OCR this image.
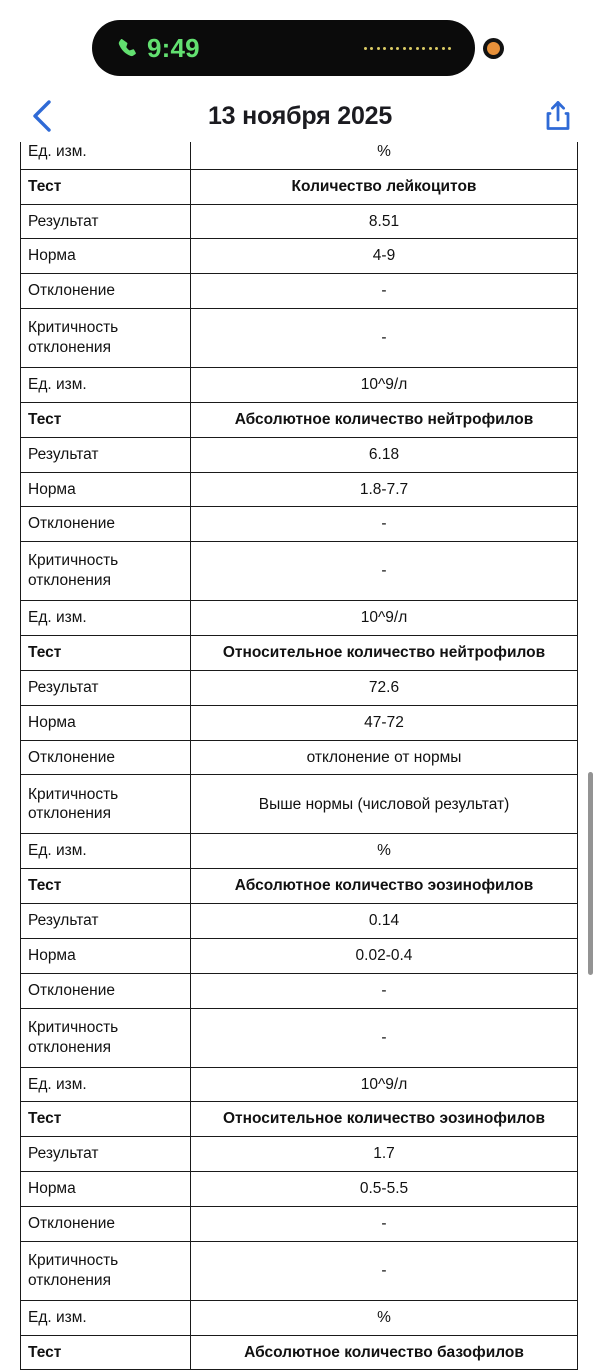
9:49
13 ноября 2025
Ед. изм.	%
Тест	Количество лейкоцитов
Результат	8.51
Норма	4-9
Отклонение	-
Критичность отклонения	-
Ед. изм.	10^9/л
Тест	Абсолютное количество нейтрофилов
Результат	6.18
Норма	1.8-7.7
Отклонение	-
Критичность отклонения	-
Ед. изм.	10^9/л
Тест	Относительное количество нейтрофилов
Результат	72.6
Норма	47-72
Отклонение	отклонение от нормы
Критичность отклонения	Выше нормы (числовой результат)
Ед. изм.	%
Тест	Абсолютное количество эозинофилов
Результат	0.14
Норма	0.02-0.4
Отклонение	-
Критичность отклонения	-
Ед. изм.	10^9/л
Тест	Относительное количество эозинофилов
Результат	1.7
Норма	0.5-5.5
Отклонение	-
Критичность отклонения	-
Ед. изм.	%
Тест	Абсолютное количество базофилов
